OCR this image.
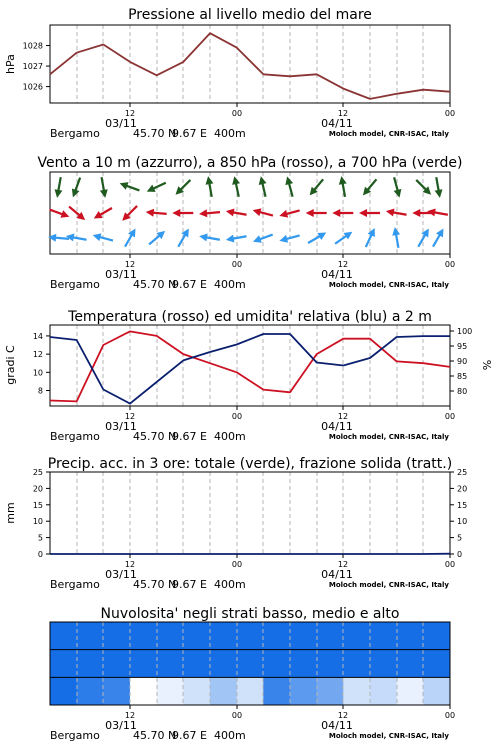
Pressione al livello medio del mare
1026
1027
1028
hPa
12	00	12	00
03/11	04/11
Bergamo	45.70 N
9.67 E 400m	Moloch model, CNR-ISAC, Italy
Vento a 10 m (azzurro), a 850 hPa (rosso), a 700 hPa (verde)
12	00	12	00
03/11	04/11
Bergamo	45.70 N
9.67 E 400m	Moloch model, CNR-ISAC, Italy
Temperatura (rosso) ed umidita' relativa (blu) a 2 m
8
10
12
14
80
85
90
95
100
gradi C	%
12	00	12	00
03/11	04/11
Bergamo	45.70 N
9.67 E 400m	Moloch model, CNR-ISAC, Italy
Precip. acc. in 3 ore: totale (verde), frazione solida (tratt.)
0
5
10
15
20
25
0
5
10
15
20
25
mm
12	00	12	00
03/11	04/11
Bergamo	45.70 N
9.67 E 400m	Moloch model, CNR-ISAC, Italy
Nuvolosita' negli strati basso, medio e alto
12	00	12	00
03/11	04/11
Bergamo	45.70 N
9.67 E 400m	Moloch model, CNR-ISAC, Italy
